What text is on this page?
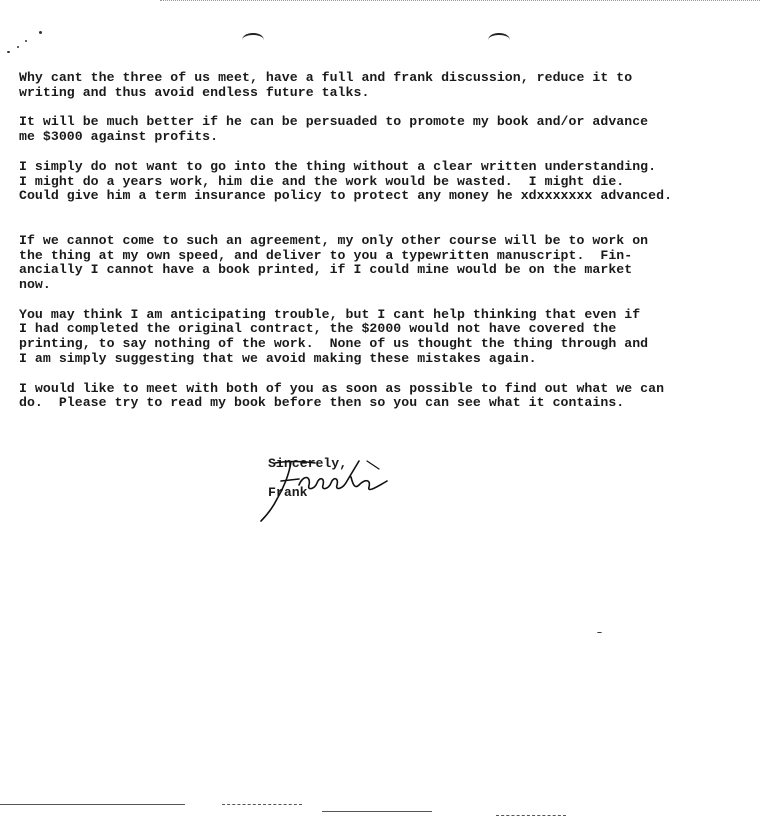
Why cant the three of us meet, have a full and frank discussion, reduce it to
writing and thus avoid endless future talks.

It will be much better if he can be persuaded to promote my book and/or advance
me $3000 against profits.

I simply do not want to go into the thing without a clear written understanding.
I might do a years work, him die and the work would be wasted.  I might die.
Could give him a term insurance policy to protect any money he xdxxxxxxx advanced.

If we cannot come to such an agreement, my only other course will be to work on
the thing at my own speed, and deliver to you a typewritten manuscript.  Fin-
ancially I cannot have a book printed, if I could mine would be on the market
now.

You may think I am anticipating trouble, but I cant help thinking that even if
I had completed the original contract, the $2000 would not have covered the
printing, to say nothing of the work.  None of us thought the thing through and
I am simply suggesting that we avoid making these mistakes again.

I would like to meet with both of you as soon as possible to find out what we can
do.  Please try to read my book before then so you can see what it contains.

Sincerely,
Frank
